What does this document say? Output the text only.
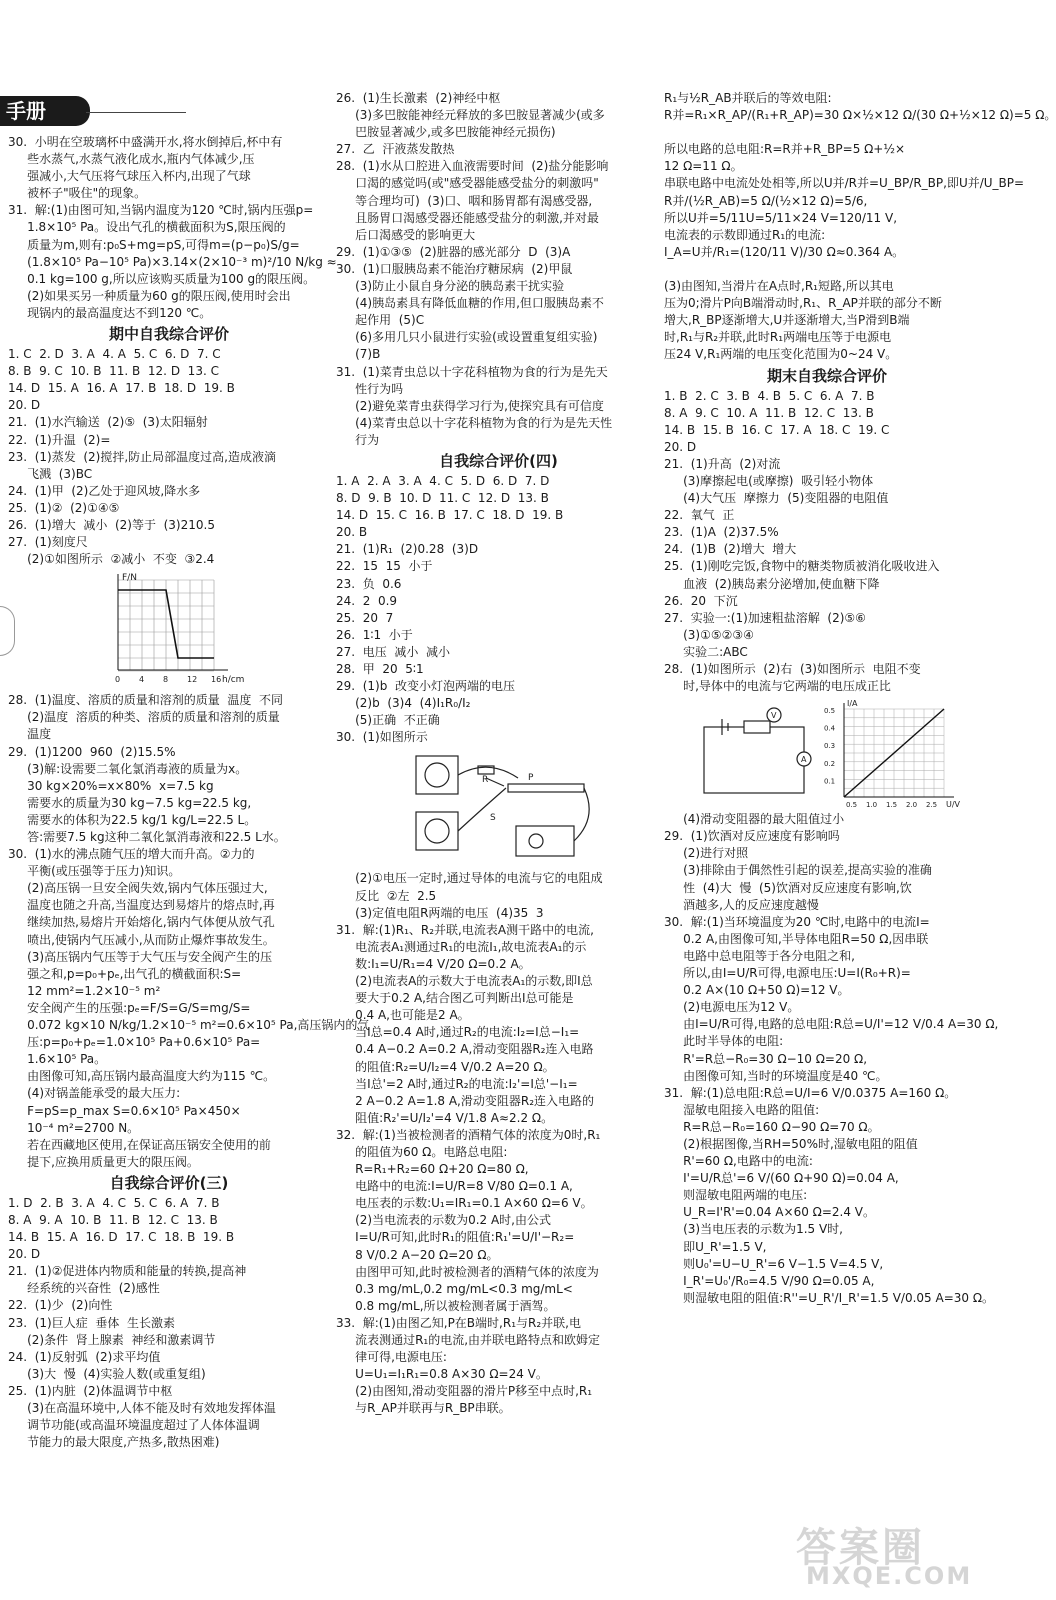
手册
30.  小明在空玻璃杯中盛满开水,将水倒掉后,杯中有
些水蒸气,水蒸气液化成水,瓶内气体减少,压
强减小,大气压将气球压入杯内,出现了气球
被杯子"吸住"的现象。
31.  解:(1)由图可知,当锅内温度为120 ℃时,锅内压强p=
1.8×10⁵ Pa。设出气孔的横截面积为S,限压阀的
质量为m,则有:p₀S+mg=pS,可得m=(p−p₀)S/g=
(1.8×10⁵ Pa−10⁵ Pa)×3.14×(2×10⁻³ m)²/10 N/kg ≈
0.1 kg=100 g,所以应该购买质量为100 g的限压阀。
(2)如果买另一种质量为60 g的限压阀,使用时会出
现锅内的最高温度达不到120 ℃。
期中自我综合评价
1. C  2. D  3. A  4. A  5. C  6. D  7. C
8. B  9. C  10. B  11. B  12. D  13. C
14. D  15. A  16. A  17. B  18. D  19. B
20. D
21.  (1)水汽输送  (2)⑤  (3)太阳辐射
22.  (1)升温  (2)=
23.  (1)蒸发  (2)搅拌,防止局部温度过高,造成液滴
飞溅  (3)BC
24.  (1)甲  (2)乙处于迎风坡,降水多
25.  (1)②  (2)①④⑤
26.  (1)增大  减小  (2)等于  (3)210.5
27.  (1)刻度尺
(2)①如图所示  ②减小  不变  ③2.4
F/N
h/cm
0 4 8 12 16
28.  (1)温度、溶质的质量和溶剂的质量  温度  不同
(2)温度  溶质的种类、溶质的质量和溶剂的质量
温度
29.  (1)1200  960  (2)15.5%
(3)解:设需要二氧化氯消毒液的质量为x。
30 kg×20%=x×80%  x=7.5 kg
需要水的质量为30 kg−7.5 kg=22.5 kg,
需要水的体积为22.5 kg/1 kg/L=22.5 L。
答:需要7.5 kg这种二氧化氯消毒液和22.5 L水。
30.  (1)水的沸点随气压的增大而升高。②力的
平衡(或压强等于压力)知识。
(2)高压锅一旦安全阀失效,锅内气体压强过大,
温度也随之升高,当温度达到易熔片的熔点时,再
继续加热,易熔片开始熔化,锅内气体便从放气孔
喷出,使锅内气压减小,从而防止爆炸事故发生。
(3)高压锅内气压等于大气压与安全阀产生的压
强之和,p=p₀+pₑ,出气孔的横截面积:S=
12 mm²=1.2×10⁻⁵ m²
安全阀产生的压强:pₑ=F/S=G/S=mg/S=
0.072 kg×10 N/kg/1.2×10⁻⁵ m²=0.6×10⁵ Pa,高压锅内的气
压:p=p₀+pₑ=1.0×10⁵ Pa+0.6×10⁵ Pa=
1.6×10⁵ Pa。
由图像可知,高压锅内最高温度大约为115 ℃。
(4)对锅盖能承受的最大压力:
F=pS=p_max S=0.6×10⁵ Pa×450×
10⁻⁴ m²=2700 N。
若在西藏地区使用,在保证高压锅安全使用的前
提下,应换用质量更大的限压阀。
自我综合评价(三)
1. D  2. B  3. A  4. C  5. C  6. A  7. B
8. A  9. A  10. B  11. B  12. C  13. B
14. B  15. A  16. D  17. C  18. B  19. B
20. D
21.  (1)②促进体内物质和能量的转换,提高神
经系统的兴奋性  (2)感性
22.  (1)少  (2)向性
23.  (1)巨人症  垂体  生长激素
(2)条件  肾上腺素  神经和激素调节
24.  (1)反射弧  (2)求平均值
(3)大  慢  (4)实验人数(或重复组)
25.  (1)内脏  (2)体温调节中枢
(3)在高温环境中,人体不能及时有效地发挥体温
调节功能(或高温环境温度超过了人体体温调
节能力的最大限度,产热多,散热困难)
26.  (1)生长激素  (2)神经中枢
(3)多巴胺能神经元释放的多巴胺显著减少(或多
巴胺显著减少,或多巴胺能神经元损伤)
27.  乙  汗液蒸发散热
28.  (1)水从口腔进入血液需要时间  (2)盐分能影响
口渴的感觉吗(或"感受器能感受盐分的刺激吗"
等合理均可)  (3)口、咽和肠胃都有渴感受器,
且肠胃口渴感受器还能感受盐分的刺激,并对最
后口渴感受的影响更大
29.  (1)①③⑤  (2)脏器的感光部分  D  (3)A
30.  (1)口服胰岛素不能治疗糖尿病  (2)甲鼠
(3)防止小鼠自身分泌的胰岛素干扰实验
(4)胰岛素具有降低血糖的作用,但口服胰岛素不
起作用  (5)C
(6)多用几只小鼠进行实验(或设置重复组实验)
(7)B
31.  (1)菜青虫总以十字花科植物为食的行为是先天
性行为吗
(2)避免菜青虫获得学习行为,使探究具有可信度
(4)菜青虫总以十字花科植物为食的行为是先天性
行为
自我综合评价(四)
1. A  2. A  3. A  4. C  5. D  6. D  7. D
8. D  9. B  10. D  11. C  12. D  13. B
14. D  15. C  16. B  17. C  18. D  19. B
20. B
21.  (1)R₁  (2)0.28  (3)D
22.  15  15  小于
23.  负  0.6
24.  2  0.9
25.  20  7
26.  1∶1  小于
27.  电压  减小  减小
28.  甲  20  5∶1
29.  (1)b  改变小灯泡两端的电压
(2)b  (3)4  (4)I₁R₀/I₂
(5)正确  不正确
30.  (1)如图所示
R	P
S
(2)①电压一定时,通过导体的电流与它的电阻成
反比  ②左  2.5
(3)定值电阻R两端的电压  (4)35  3
31.  解:(1)R₁、R₂并联,电流表A测干路中的电流,
电流表A₁测通过R₁的电流I₁,故电流表A₁的示
数:I₁=U/R₁=4 V/20 Ω=0.2 A。
(2)电流表A的示数大于电流表A₁的示数,即I总
要大于0.2 A,结合图乙可判断出I总可能是
0.4 A,也可能是2 A。
当I总=0.4 A时,通过R₂的电流:I₂=I总−I₁=
0.4 A−0.2 A=0.2 A,滑动变阻器R₂连入电路
的阻值:R₂=U/I₂=4 V/0.2 A=20 Ω。
当I总'=2 A时,通过R₂的电流:I₂'=I总'−I₁=
2 A−0.2 A=1.8 A,滑动变阻器R₂连入电路的
阻值:R₂'=U/I₂'=4 V/1.8 A≈2.2 Ω。
32.  解:(1)当被检测者的酒精气体的浓度为0时,R₁
的阻值为60 Ω。电路总电阻:
R=R₁+R₂=60 Ω+20 Ω=80 Ω,
电路中的电流:I=U/R=8 V/80 Ω=0.1 A,
电压表的示数:U₁=IR₁=0.1 A×60 Ω=6 V。
(2)当电流表的示数为0.2 A时,由公式
I=U/R可知,此时R₁的阻值:R₁'=U/I'−R₂=
8 V/0.2 A−20 Ω=20 Ω。
由图甲可知,此时被检测者的酒精气体的浓度为
0.3 mg/mL,0.2 mg/mL<0.3 mg/mL<
0.8 mg/mL,所以被检测者属于酒驾。
33.  解:(1)由图乙知,P在B端时,R₁与R₂并联,电
流表测通过R₁的电流,由并联电路特点和欧姆定
律可得,电源电压:
U=U₁=I₁R₁=0.8 A×30 Ω=24 V。
(2)由图知,滑动变阻器的滑片P移至中点时,R₁
与R_AP并联再与R_BP串联。
R₁与½R_AB并联后的等效电阻:
R并=R₁×R_AP/(R₁+R_AP)=30 Ω×½×12 Ω/(30 Ω+½×12 Ω)=5 Ω。

所以电路的总电阻:R=R并+R_BP=5 Ω+½×
12 Ω=11 Ω。
串联电路中电流处处相等,所以U并/R并=U_BP/R_BP,即U并/U_BP=
R并/(½R_AB)=5 Ω/(½×12 Ω)=5/6,
所以U并=5/11U=5/11×24 V=120/11 V,
电流表的示数即通过R₁的电流:
I_A=U并/R₁=(120/11 V)/30 Ω≈0.364 A。

(3)由图知,当滑片在A点时,R₁短路,所以其电
压为0;滑片P向B端滑动时,R₁、R_AP并联的部分不断
增大,R_BP逐渐增大,U并逐渐增大,当P滑到B端
时,R₁与R₂并联,此时R₁两端电压等于电源电
压24 V,R₁两端的电压变化范围为0~24 V。
期末自我综合评价
1. B  2. C  3. B  4. B  5. C  6. A  7. B
8. A  9. C  10. A  11. B  12. C  13. B
14. B  15. B  16. C  17. A  18. C  19. C
20. D
21.  (1)升高  (2)对流
(3)摩擦起电(或摩擦)  吸引轻小物体
(4)大气压  摩擦力  (5)变阻器的电阻值
22.  氧气  正
23.  (1)A  (2)37.5%
24.  (1)B  (2)增大  增大
25.  (1)刚吃完饭,食物中的糖类物质被消化吸收进入
血液  (2)胰岛素分泌增加,使血糖下降
26.  20  下沉
27.  实验一:(1)加速粗盐溶解  (2)⑤⑥
(3)①⑤②③④
实验二:ABC
28.  (1)如图所示  (2)右  (3)如图所示  电阻不变
时,导体中的电流与它两端的电压成正比
V
A
I/A
U/V
0.5
0.4
0.3
0.2
0.1
0.5 1.0 1.5 2.0 2.5
(4)滑动变阻器的最大阻值过小
29.  (1)饮酒对反应速度有影响吗
(2)进行对照
(3)排除由于偶然性引起的误差,提高实验的准确
性  (4)大  慢  (5)饮酒对反应速度有影响,饮
酒越多,人的反应速度越慢
30.  解:(1)当环境温度为20 ℃时,电路中的电流I=
0.2 A,由图像可知,半导体电阻R=50 Ω,因串联
电路中总电阻等于各分电阻之和,
所以,由I=U/R可得,电源电压:U=I(R₀+R)=
0.2 A×(10 Ω+50 Ω)=12 V。
(2)电源电压为12 V。
由I=U/R可得,电路的总电阻:R总=U/I'=12 V/0.4 A=30 Ω,
此时半导体的电阻:
R'=R总−R₀=30 Ω−10 Ω=20 Ω,
由图像可知,当时的环境温度是40 ℃。
31.  解:(1)总电阻:R总=U/I=6 V/0.0375 A=160 Ω。
湿敏电阻接入电路的阻值:
R=R总−R₀=160 Ω−90 Ω=70 Ω。
(2)根据图像,当RH=50%时,湿敏电阻的阻值
R'=60 Ω,电路中的电流:
I'=U/R总'=6 V/(60 Ω+90 Ω)=0.04 A,
则湿敏电阻两端的电压:
U_R=I'R'=0.04 A×60 Ω=2.4 V。
(3)当电压表的示数为1.5 V时,
即U_R'=1.5 V,
则U₀'=U−U_R'=6 V−1.5 V=4.5 V,
I_R'=U₀'/R₀=4.5 V/90 Ω=0.05 A,
则湿敏电阻的阻值:R''=U_R'/I_R'=1.5 V/0.05 A=30 Ω。
答案圈
MXQE.COM
